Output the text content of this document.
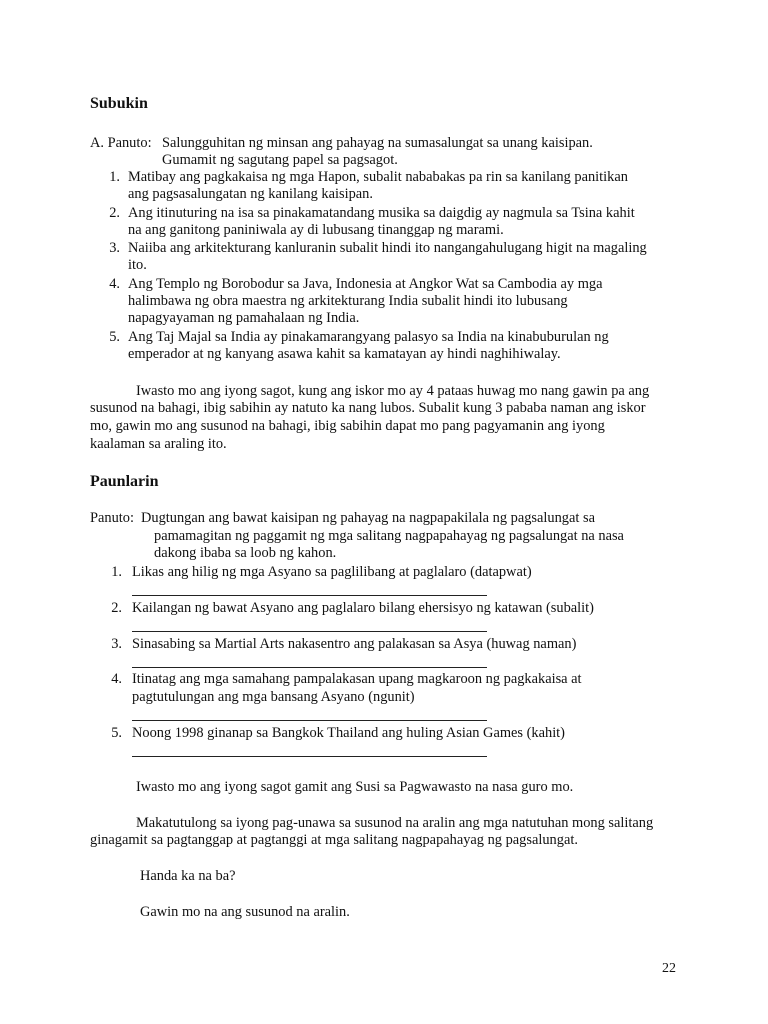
Subukin
A. Panuto: Salungguhitan ng minsan ang pahayag na sumasalungat sa unang kaisipan.
Gumamit ng sagutang papel sa pagsagot.
1. Matibay ang pagkakaisa ng mga Hapon, subalit nababakas pa rin sa kanilang panitikan
ang pagsasalungatan ng kanilang kaisipan.
2. Ang itinuturing na isa sa pinakamatandang musika sa daigdig ay nagmula sa Tsina kahit
na ang ganitong paniniwala ay di lubusang tinanggap ng marami.
3. Naiiba ang arkitekturang kanluranin subalit hindi ito nangangahulugang higit na magaling
ito.
4. Ang Templo ng Borobodur sa Java, Indonesia at Angkor Wat sa Cambodia ay mga
halimbawa ng obra maestra ng arkitekturang India subalit hindi ito lubusang
napagyayaman ng pamahalaan ng India.
5. Ang Taj Majal sa India ay pinakamarangyang palasyo sa India na kinabuburulan ng
emperador at ng kanyang asawa kahit sa kamatayan ay hindi naghihiwalay.
Iwasto mo ang iyong sagot, kung ang iskor mo ay 4 pataas huwag mo nang gawin pa ang
susunod na bahagi, ibig sabihin ay natuto ka nang lubos. Subalit kung 3 pababa naman ang iskor
mo, gawin mo ang susunod na bahagi, ibig sabihin dapat mo pang pagyamanin ang iyong
kaalaman sa araling ito.
Paunlarin
Panuto: Dugtungan ang bawat kaisipan ng pahayag na nagpapakilala ng pagsalungat sa
pamamagitan ng paggamit ng mga salitang nagpapahayag ng pagsalungat na nasa
dakong ibaba sa loob ng kahon.
1. Likas ang hilig ng mga Asyano sa paglilibang at paglalaro (datapwat)
2. Kailangan ng bawat Asyano ang paglalaro bilang ehersisyo ng katawan (subalit)
3. Sinasabing sa Martial Arts nakasentro ang palakasan sa Asya (huwag naman)
4. Itinatag ang mga samahang pampalakasan upang magkaroon ng pagkakaisa at
pagtutulungan ang mga bansang Asyano (ngunit)
5. Noong 1998 ginanap sa Bangkok Thailand ang huling Asian Games (kahit)
Iwasto mo ang iyong sagot gamit ang Susi sa Pagwawasto na nasa guro mo.
Makatutulong sa iyong pag-unawa sa susunod na aralin ang mga natutuhan mong salitang
ginagamit sa pagtanggap at pagtanggi at mga salitang nagpapahayag ng pagsalungat.
Handa ka na ba?
Gawin mo na ang susunod na aralin.
22
